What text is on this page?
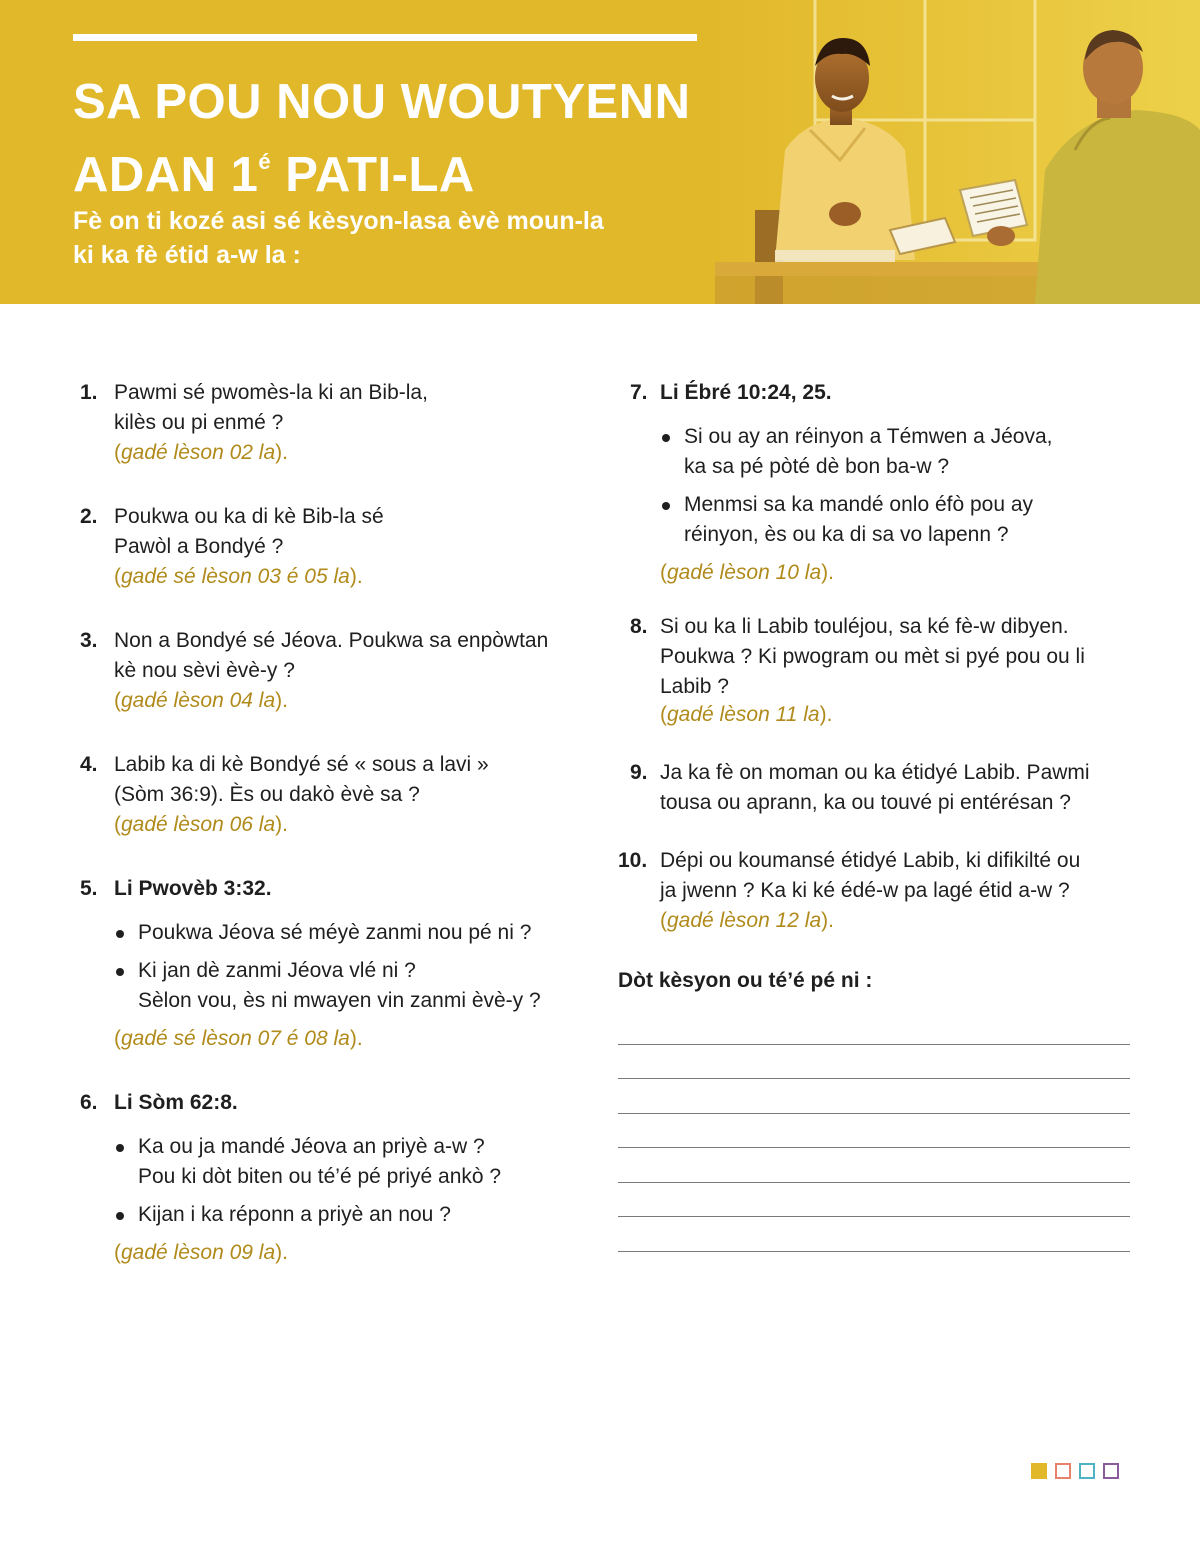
SA POU NOU WOUTYENN
ADAN $1^é$ PATI-LA

Fè on ti kozé asi sé kèsyon-lasa èvè moun-la
ki ka fè étid a-w la :

1. Pawmi sé pwomès-la ki an Bib-la,
kilès ou pi enmé ?
(gadé lèson 02 la).
2. Poukwa ou ka di kè Bib-la sé
Pawòl a Bondyé ?
(gadé sé lèson 03 é 05 la).
3. Non a Bondyé sé Jéova. Poukwa sa enpòwtan
kè nou sèvi èvè-y ?
(gadé lèson 04 la).
4. Labib ka di kè Bondyé sé « sous a lavi »
(Sòm 36:9). Ès ou dakò èvè sa ?
(gadé lèson 06 la).
5. Li Pwovèb 3:32.
Poukwa Jéova sé méyè zanmi nou pé ni ?
Ki jan dè zanmi Jéova vlé ni ?
Sèlon vou, ès ni mwayen vin zanmi èvè-y ?
(gadé sé lèson 07 é 08 la).
6. Li Sòm 62:8.
Ka ou ja mandé Jéova an priyè a-w ?
Pou ki dòt biten ou té’é pé priyé ankò ?
Kijan i ka réponn a priyè an nou ?
(gadé lèson 09 la).
7. Li Ébré 10:24, 25.
Si ou ay an réinyon a Témwen a Jéova,
ka sa pé pòté dè bon ba-w ?
Menmsi sa ka mandé onlo éfò pou ay
réinyon, ès ou ka di sa vo lapenn ?
(gadé lèson 10 la).
8. Si ou ka li Labib touléjou, sa ké fè-w dibyen.
Poukwa ? Ki pwogram ou mèt si pyé pou ou li
Labib ?
(gadé lèson 11 la).
9. Ja ka fè on moman ou ka étidyé Labib. Pawmi
tousa ou aprann, ka ou touvé pi entérésan ?
10. Dépi ou koumansé étidyé Labib, ki difikilté ou
ja jwenn ? Ka ki ké édé-w pa lagé étid a-w ?
(gadé lèson 12 la).
Dòt kèsyon ou té’é pé ni :
